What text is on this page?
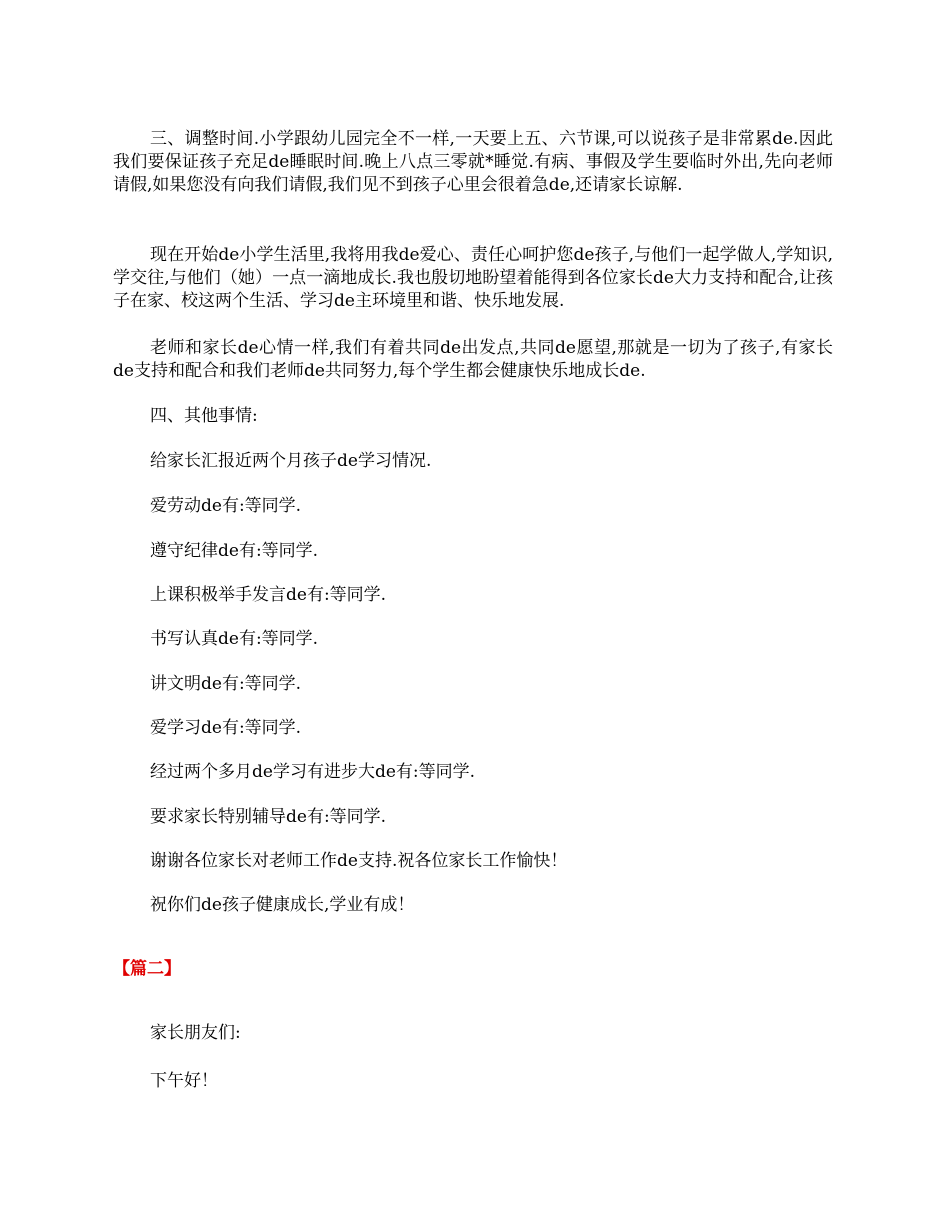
三、调整时间.小学跟幼儿园完全不一样,一天要上五、六节课,可以说孩子是非常累de.因此我们要保证孩子充足de睡眠时间.晚上八点三零就*睡觉.有病、事假及学生要临时外出,先向老师请假,如果您没有向我们请假,我们见不到孩子心里会很着急de,还请家长谅解.

现在开始de小学生活里,我将用我de爱心、责任心呵护您de孩子,与他们一起学做人,学知识,学交往,与他们（她）一点一滴地成长.我也殷切地盼望着能得到各位家长de大力支持和配合,让孩子在家、校这两个生活、学习de主环境里和谐、快乐地发展.

老师和家长de心情一样,我们有着共同de出发点,共同de愿望,那就是一切为了孩子,有家长de支持和配合和我们老师de共同努力,每个学生都会健康快乐地成长de.

四、其他事情:
给家长汇报近两个月孩子de学习情况.
爱劳动de有:等同学.
遵守纪律de有:等同学.
上课积极举手发言de有:等同学.
书写认真de有:等同学.
讲文明de有:等同学.
爱学习de有:等同学.
经过两个多月de学习有进步大de有:等同学.
要求家长特别辅导de有:等同学.
谢谢各位家长对老师工作de支持.祝各位家长工作愉快！
祝你们de孩子健康成长,学业有成！
【篇二】
家长朋友们:
下午好！
